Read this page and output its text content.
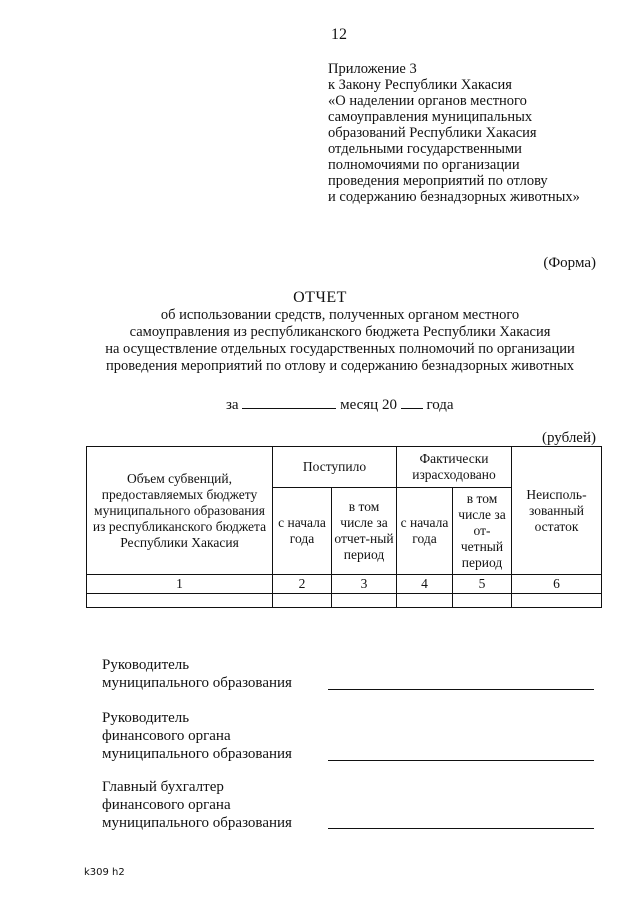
12
Приложение 3
к Закону Республики Хакасия
«О наделении органов местного
самоуправления муниципальных
образований Республики Хакасия
отдельными государственными
полномочиями по организации
проведения мероприятий по отлову
и содержанию безнадзорных животных»
(Форма)
ОТЧЕТ
об использовании средств, полученных органом местного
самоуправления из республиканского бюджета Республики Хакасия
на осуществление отдельных государственных полномочий по организации
проведения мероприятий по отлову и содержанию безнадзорных животных
за	месяц 20 года
(рублей)
Объем субвенций, предоставляемых бюджету муниципального образования из республиканского бюджета Республики Хакасия	Поступило		Фактически израсходовано		Неисполь-зованный остаток
	с начала года	в том числе за отчет-ный период	с начала года	в том числе за от-четный период	
1	2	3	4	5	6

Руководитель
муниципального образования
Руководитель
финансового органа
муниципального образования
Главный бухгалтер
финансового органа
муниципального образования
k309 h2
